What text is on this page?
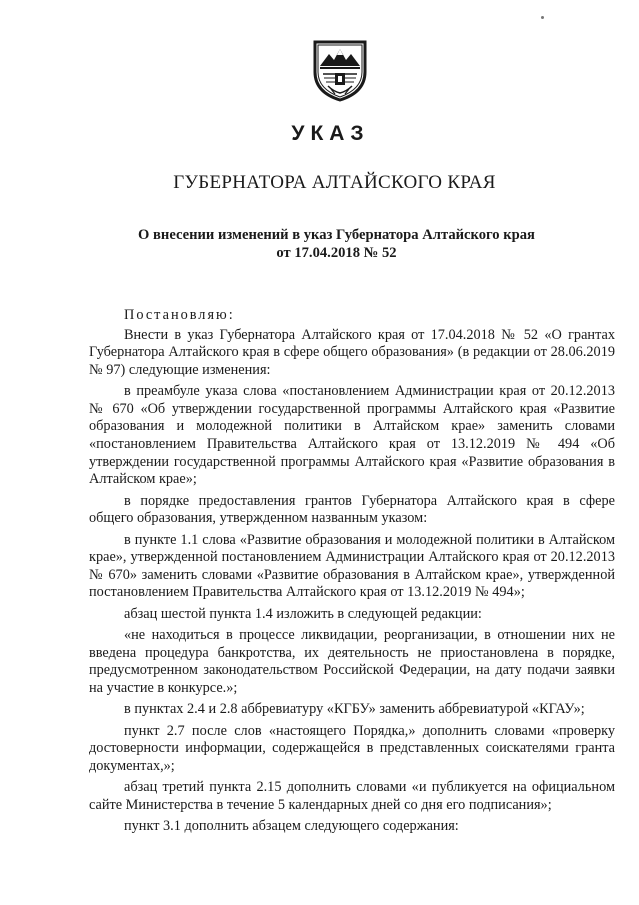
УКАЗ
ГУБЕРНАТОРА АЛТАЙСКОГО КРАЯ
О внесении изменений в указ Губернатора Алтайского края
от 17.04.2018 № 52

Постановляю:

Внести в указ Губернатора Алтайского края от 17.04.2018 № 52 «О грантах Губернатора Алтайского края в сфере общего образования» (в редакции от 28.06.2019 № 97) следующие изменения:

в преамбуле указа слова «постановлением Администрации края от 20.12.2013 № 670 «Об утверждении государственной программы Алтайского края «Развитие образования и молодежной политики в Алтайском крае» заменить словами «постановлением Правительства Алтайского края от 13.12.2019 № 494 «Об утверждении государственной программы Алтайского края «Развитие образования в Алтайском крае»;

в порядке предоставления грантов Губернатора Алтайского края в сфере общего образования, утвержденном названным указом:

в пункте 1.1 слова «Развитие образования и молодежной политики в Алтайском крае», утвержденной постановлением Администрации Алтайского края от 20.12.2013 № 670» заменить словами «Развитие образования в Алтайском крае», утвержденной постановлением Правительства Алтайского края от 13.12.2019 № 494»;

абзац шестой пункта 1.4 изложить в следующей редакции:

«не находиться в процессе ликвидации, реорганизации, в отношении них не введена процедура банкротства, их деятельность не приостановлена в порядке, предусмотренном законодательством Российской Федерации, на дату подачи заявки на участие в конкурсе.»;

в пунктах 2.4 и 2.8 аббревиатуру «КГБУ» заменить аббревиатурой «КГАУ»;

пункт 2.7 после слов «настоящего Порядка,» дополнить словами «проверку достоверности информации, содержащейся в представленных соискателями гранта документах,»;

абзац третий пункта 2.15 дополнить словами «и публикуется на официальном сайте Министерства в течение 5 календарных дней со дня его подписания»;

пункт 3.1 дополнить абзацем следующего содержания:
